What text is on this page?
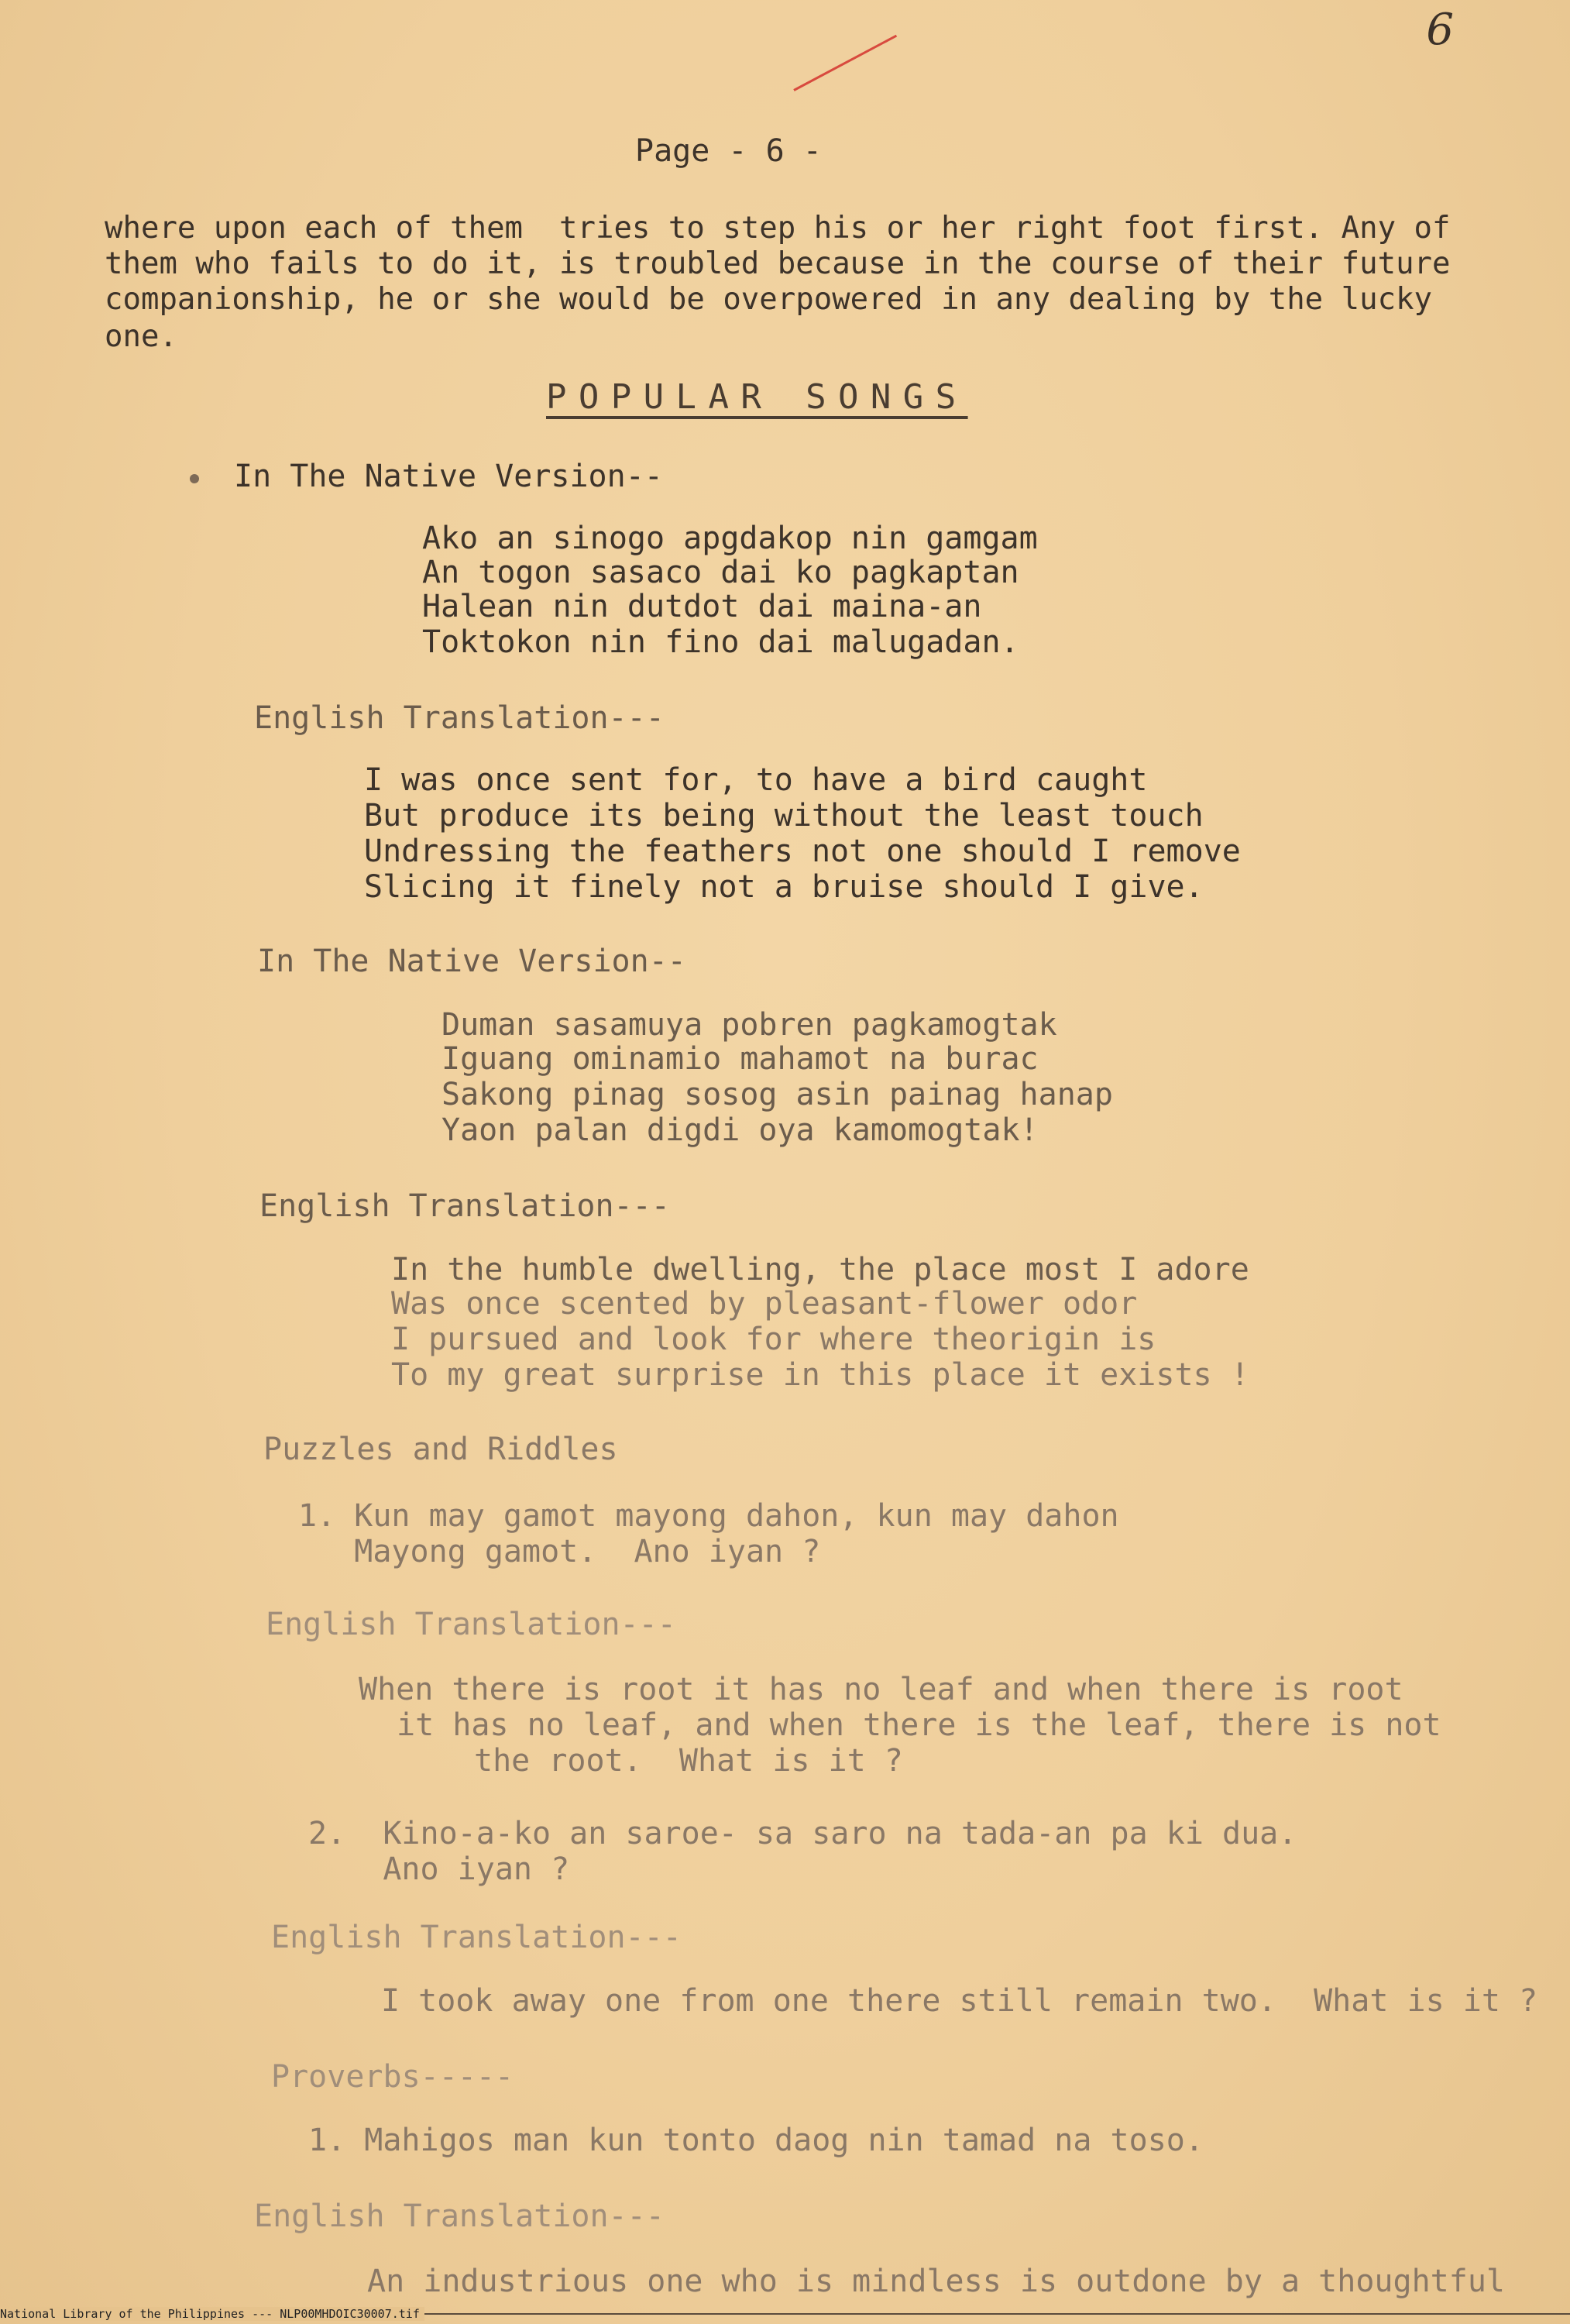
6
Page - 6 -
where upon each of them  tries to step his or her right foot first. Any of
them who fails to do it, is troubled because in the course of their future
companionship, he or she would be overpowered in any dealing by the lucky
one.
POPULAR SONGS
In The Native Version--
Ako an sinogo apgdakop nin gamgam
An togon sasaco dai ko pagkaptan
Halean nin dutdot dai maina-an
Toktokon nin fino dai malugadan.
English Translation---
I was once sent for, to have a bird caught
But produce its being without the least touch
Undressing the feathers not one should I remove
Slicing it finely not a bruise should I give.
In The Native Version--
Duman sasamuya pobren pagkamogtak
Iguang ominamio mahamot na burac
Sakong pinag sosog asin painag hanap
Yaon palan digdi oya kamomogtak!
English Translation---
In the humble dwelling, the place most I adore
Was once scented by pleasant-flower odor
I pursued and look for where theorigin is
To my great surprise in this place it exists !
Puzzles and Riddles
1. Kun may gamot mayong dahon, kun may dahon
Mayong gamot.  Ano iyan ?
English Translation---
When there is root it has no leaf and when there is root
it has no leaf, and when there is the leaf, there is not
the root.  What is it ?
2.  Kino-a-ko an saroe- sa saro na tada-an pa ki dua.
Ano iyan ?
English Translation---
I took away one from one there still remain two.  What is it ?
Proverbs-----
1. Mahigos man kun tonto daog nin tamad na toso.
English Translation---
An industrious one who is mindless is outdone by a thoughtful
National Library of the Philippines --- NLP00MHDOIC30007.tif
